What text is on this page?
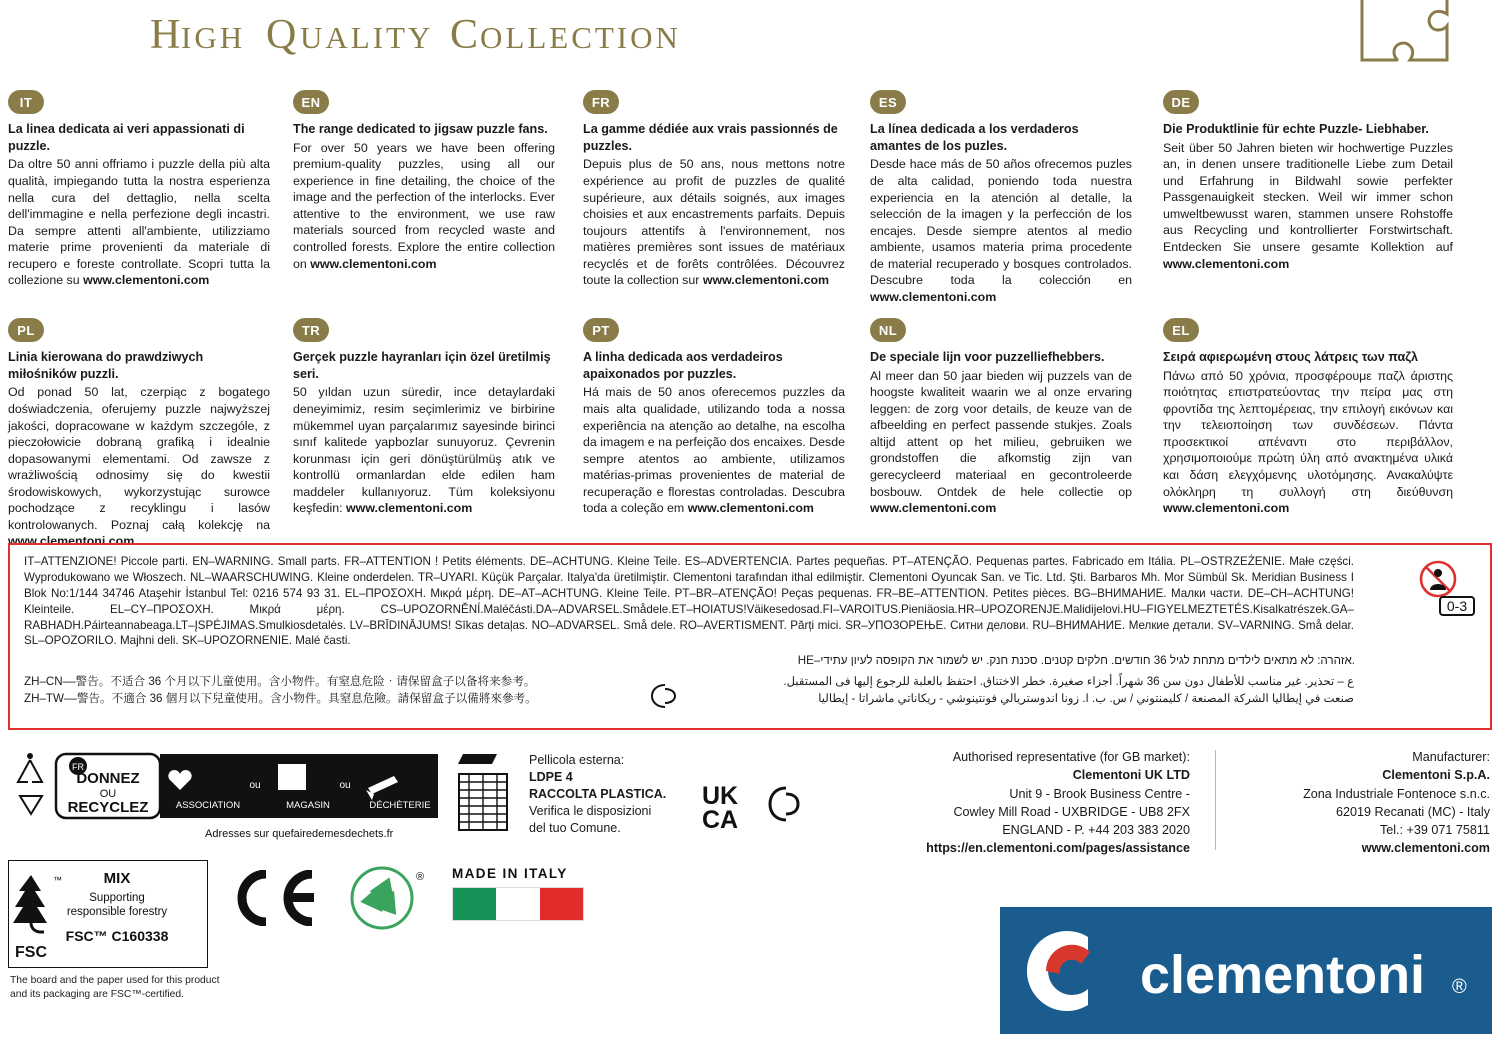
H
IGH Q UALITY C
OLLECTION
IT
La linea dedicata ai veri appassionati di puzzle.
Da oltre 50 anni offriamo i puzzle della più alta qualità, impiegando tutta la nostra esperienza nella cura del dettaglio, nella scelta dell'immagine e nella perfezione degli incastri. Da sempre attenti all'ambiente, utilizziamo materie prime provenienti da materiale di recupero e foreste controllate. Scopri tutta la collezione su www.clementoni.com
EN
The range dedicated to jigsaw puzzle fans.
For over 50 years we have been offering premium-quality puzzles, using all our experience in fine detailing, the choice of the image and the perfection of the interlocks. Ever attentive to the environment, we use raw materials sourced from recycled waste and controlled forests. Explore the entire collection on www.clementoni.com
FR
La gamme dédiée aux vrais passionnés de puzzles.
Depuis plus de 50 ans, nous mettons notre expérience au profit de puzzles de qualité supérieure, aux détails soignés, aux images choisies et aux encastrements parfaits. Depuis toujours attentifs à l'environnement, nos matières premières sont issues de matériaux recyclés et de forêts contrôlées. Découvrez toute la collection sur www.clementoni.com
ES
La línea dedicada a los verdaderos amantes de los puzles.
Desde hace más de 50 años ofrecemos puzles de alta calidad, poniendo toda nuestra experiencia en la atención al detalle, la selección de la imagen y la perfección de los encajes. Desde siempre atentos al medio ambiente, usamos materia prima procedente de material recuperado y bosques controlados. Descubre toda la colección en www.clementoni.com
DE
Die Produktlinie für echte Puzzle- Liebhaber.
Seit über 50 Jahren bieten wir hochwertige Puzzles an, in denen unsere traditionelle Liebe zum Detail und Erfahrung in Bildwahl sowie perfekter Passgenauigkeit stecken. Weil wir immer schon umweltbewusst waren, stammen unsere Rohstoffe aus Recycling und kontrollierter Forstwirtschaft. Entdecken Sie unsere gesamte Kollektion auf www.clementoni.com
PL
Linia kierowana do prawdziwych miłośników puzzli.
Od ponad 50 lat, czerpiąc z bogatego doświadczenia, oferujemy puzzle najwyższej jakości, dopracowane w każdym szczególe, z pieczołowicie dobraną grafiką i idealnie dopasowanymi elementami. Od zawsze z wrażliwością odnosimy się do kwestii środowiskowych, wykorzystując surowce pochodzące z recyklingu i lasów kontrolowanych. Poznaj całą kolekcję na www.clementoni.com
TR
Gerçek puzzle hayranları için özel üretilmiş seri.
50 yıldan uzun süredir, ince detaylardaki deneyimimiz, resim seçimlerimiz ve birbirine mükemmel uyan parçalarımız sayesinde birinci sınıf kalitede yapbozlar sunuyoruz. Çevrenin korunması için geri dönüştürülmüş atık ve kontrollü ormanlardan elde edilen ham maddeler kullanıyoruz. Tüm koleksiyonu keşfedin: www.clementoni.com
PT
A linha dedicada aos verdadeiros apaixonados por puzzles.
Há mais de 50 anos oferecemos puzzles da mais alta qualidade, utilizando toda a nossa experiência na atenção ao detalhe, na escolha da imagem e na perfeição dos encaixes. Desde sempre atentos ao ambiente, utilizamos matérias-primas provenientes de material de recuperação e florestas controladas. Descubra toda a coleção em www.clementoni.com
NL
De speciale lijn voor puzzelliefhebbers.
Al meer dan 50 jaar bieden wij puzzels van de hoogste kwaliteit waarin we al onze ervaring leggen: de zorg voor details, de keuze van de afbeelding en perfect passende stukjes. Zoals altijd attent op het milieu, gebruiken we grondstoffen die afkomstig zijn van gerecycleerd materiaal en gecontroleerde bosbouw. Ontdek de hele collectie op www.clementoni.com
EL
Σειρά αφιερωμένη στους λάτρεις των παζλ
Πάνω από 50 χρόνια, προσφέρουμε παζλ άριστης ποιότητας επιστρατεύοντας την πείρα μας στη φροντίδα της λεπτομέρειας, την επιλογή εικόνων και την τελειοποίηση των συνδέσεων. Πάντα προσεκτικοί απέναντι στο περιβάλλον, χρησιμοποιούμε πρώτη ύλη από ανακτημένα υλικά και δάση ελεγχόμενης υλοτόμησης. Ανακαλύψτε ολόκληρη τη συλλογή στη διεύθυνση www.clementoni.com
IT–ATTENZIONE! Piccole parti. EN–WARNING. Small parts. FR–ATTENTION ! Petits éléments. DE–ACHTUNG. Kleine Teile. ES–ADVERTENCIA. Partes pequeñas. PT–ATENÇÃO. Pequenas partes. Fabricado em Itália. PL–OSTRZEŻENIE. Małe części. Wyprodukowano we Włoszech. NL–WAARSCHUWING. Kleine onderdelen. TR–UYARI. Küçük Parçalar. Italya'da üretilmiştir. Clementoni tarafından ithal edilmiştir. Clementoni Oyuncak San. ve Tic. Ltd. Şti. Barbaros Mh. Mor Sümbül Sk. Meridian Business I Blok No:1/144 34746 Ataşehir İstanbul Tel: 0216 574 93 31. EL–ΠΡΟΣΟΧΗ. Μικρά μέρη. DE–AT–ACHTUNG. Kleine Teile. PT–BR–ATENÇÃO! Peças pequenas. FR–BE–ATTENTION. Petites pièces. BG–ВНИМАНИЕ. Малки части. DE–CH–ACHTUNG! Kleinteile. EL–CY–ΠΡΟΣΟΧΗ. Μικρά μέρη. CS–UPOZORNĚNÍ.Maléčásti.DA–ADVARSEL.Smådele.ET–HOIATUS!Väikesedosad.FI–VAROITUS.Pieniäosia.HR–UPOZORENJE.Malidijelovi.HU–FIGYELMEZTETÉS.Kisalkatrészek.GA–RABHADH.Páirteannabeaga.LT–ĮSPĖJIMAS.Smulkiosdetalės. LV–BRĪDINĀJUMS! Sīkas detaļas. NO–ADVARSEL. Små dele. RO–AVERTISMENT. Părți mici. SR–УПОЗОРЕЊЕ. Ситни делови. RU–ВНИМАНИЕ. Мелкие детали. SV–VARNING. Små delar. SL–OPOZORILO. Majhni deli. SK–UPOZORNENIE. Malé časti.
HE–אזהרה: לא מתאים לילדים מתחת לגיל 36 חודשים. חלקים קטנים. סכנת חנק. יש לשמור את הקופסה לעיון עתידי.
ZH–CN––警告。不适合 36 个月以下儿童使用。含小物件。有窒息危险‧请保留盒子以备将来参考。	ع – تحذير. غير مناسب للأطفال دون سن 36 شهراً. أجزاء صغيرة. خطر الاختناق. احتفظ بالعلبة للرجوع إليها فى المستقبل.
ZH–TW––警告。不適合 36 個月以下兒童使用。含小物件。具窒息危險。請保留盒子以備將來參考。	صنعت في إيطاليا الشركة المصنعة / كليمنتوني / س. ب. ا. زونا اندوستريالي فونتينوشي - ريكاناتي ماشراتا - إيطاليا
0-3
FR
DONNEZ
OU
RECYCLEZ	ASSOCIATION
ou
MAGASIN
ou
DÉCHÈTERIE
Adresses sur quefairedemesdechets.fr
Pellicola esterna:
LDPE 4
RACCOLTA PLASTICA.
Verifica le disposizioni
del tuo Comune.
UK
CA
Authorised representative (for GB market):
Clementoni UK LTD
Unit 9 - Brook Business Centre -
Cowley Mill Road - UXBRIDGE - UB8 2FX
ENGLAND - P. +44 203 383 2020
https://en.clementoni.com/pages/assistance
Manufacturer:
Clementoni S.p.A.
Zona Industriale Fontenoce s.n.c.
62019 Recanati (MC) - Italy
Tel.: +39 071 75811
www.clementoni.com
™	MIX
Supporting
responsible forestry
FSC™ C160338
FSC
The board and the paper used for this product and its packaging are FSC™-certified.
® MADE IN ITALY
clementoni ®
